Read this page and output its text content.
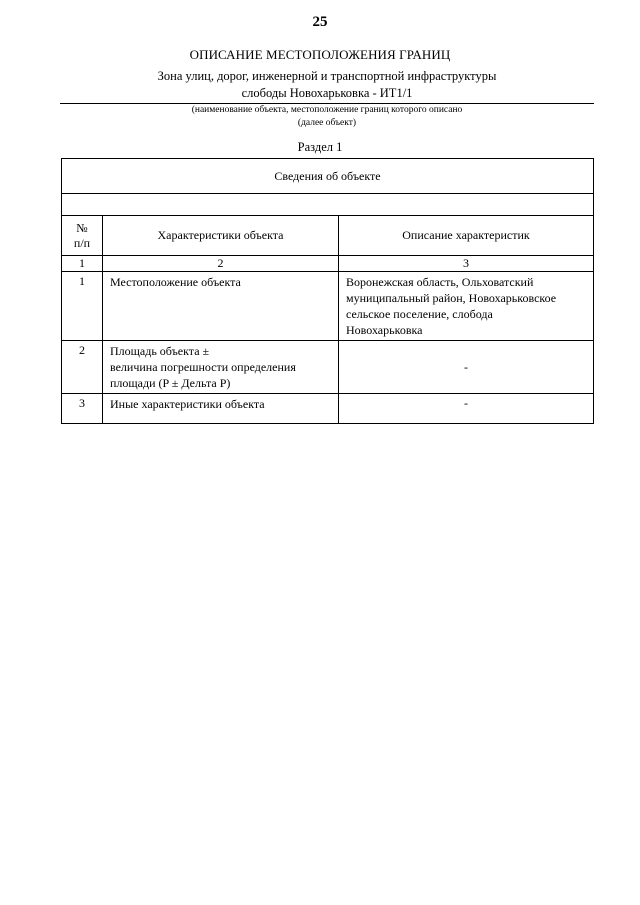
25
ОПИСАНИЕ МЕСТОПОЛОЖЕНИЯ ГРАНИЦ
Зона улиц, дорог, инженерной и транспортной инфраструктуры
слободы Новохарьковка - ИТ1/1
(наименование объекта, местоположение границ которого описано
(далее объект)
Раздел 1
Сведения об объекте		

№
п/п	Характеристики объекта	Описание характеристик
1	2	3
1	Местоположение объекта	Воронежская область, Ольховатский
муниципальный район, Новохарьковское
сельское поселение, слобода
Новохарьковка

2	Площадь объекта ±
величина погрешности определения
площади (P ± Дельта P)	-
3	Иные характеристики объекта	-
